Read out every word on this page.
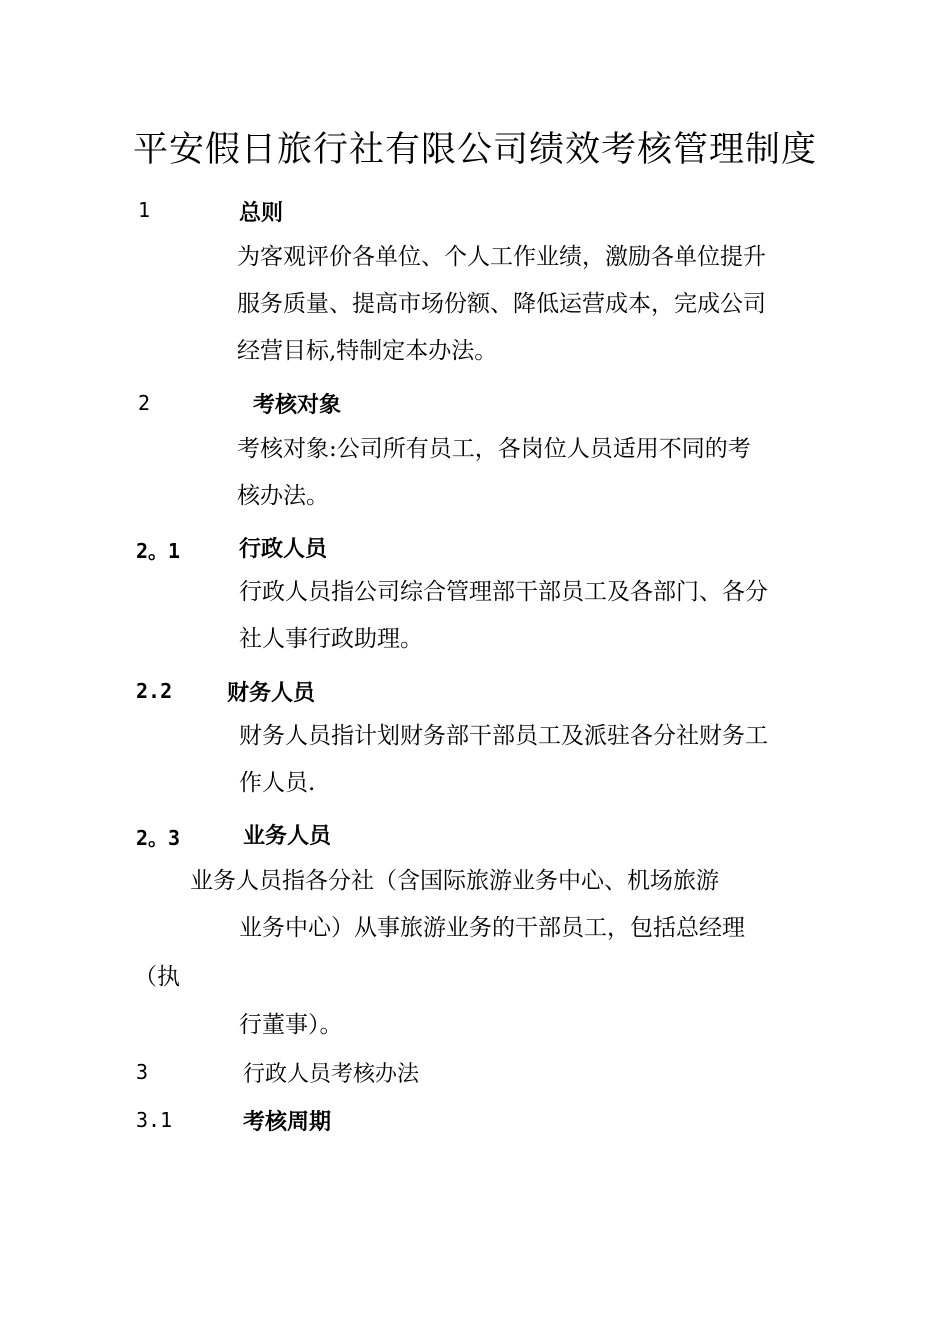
平安假日旅行社有限公司绩效考核管理制度
1	总则
为客观评价各单位、个人工作业绩，激励各单位提升
服务质量、提高市场份额、降低运营成本，完成公司
经营目标,特制定本办法。
2	考核对象
考核对象:公司所有员工，各岗位人员适用不同的考
核办法。
2。1	行政人员
行政人员指公司综合管理部干部员工及各部门、各分
社人事行政助理。
2.2 财务人员
财务人员指计划财务部干部员工及派驻各分社财务工
作人员.
2。3	业务人员
业务人员指各分社（含国际旅游业务中心、机场旅游
业务中心）从事旅游业务的干部员工，包括总经理
（执
行董事）。
3	行政人员考核办法
3.1	考核周期
